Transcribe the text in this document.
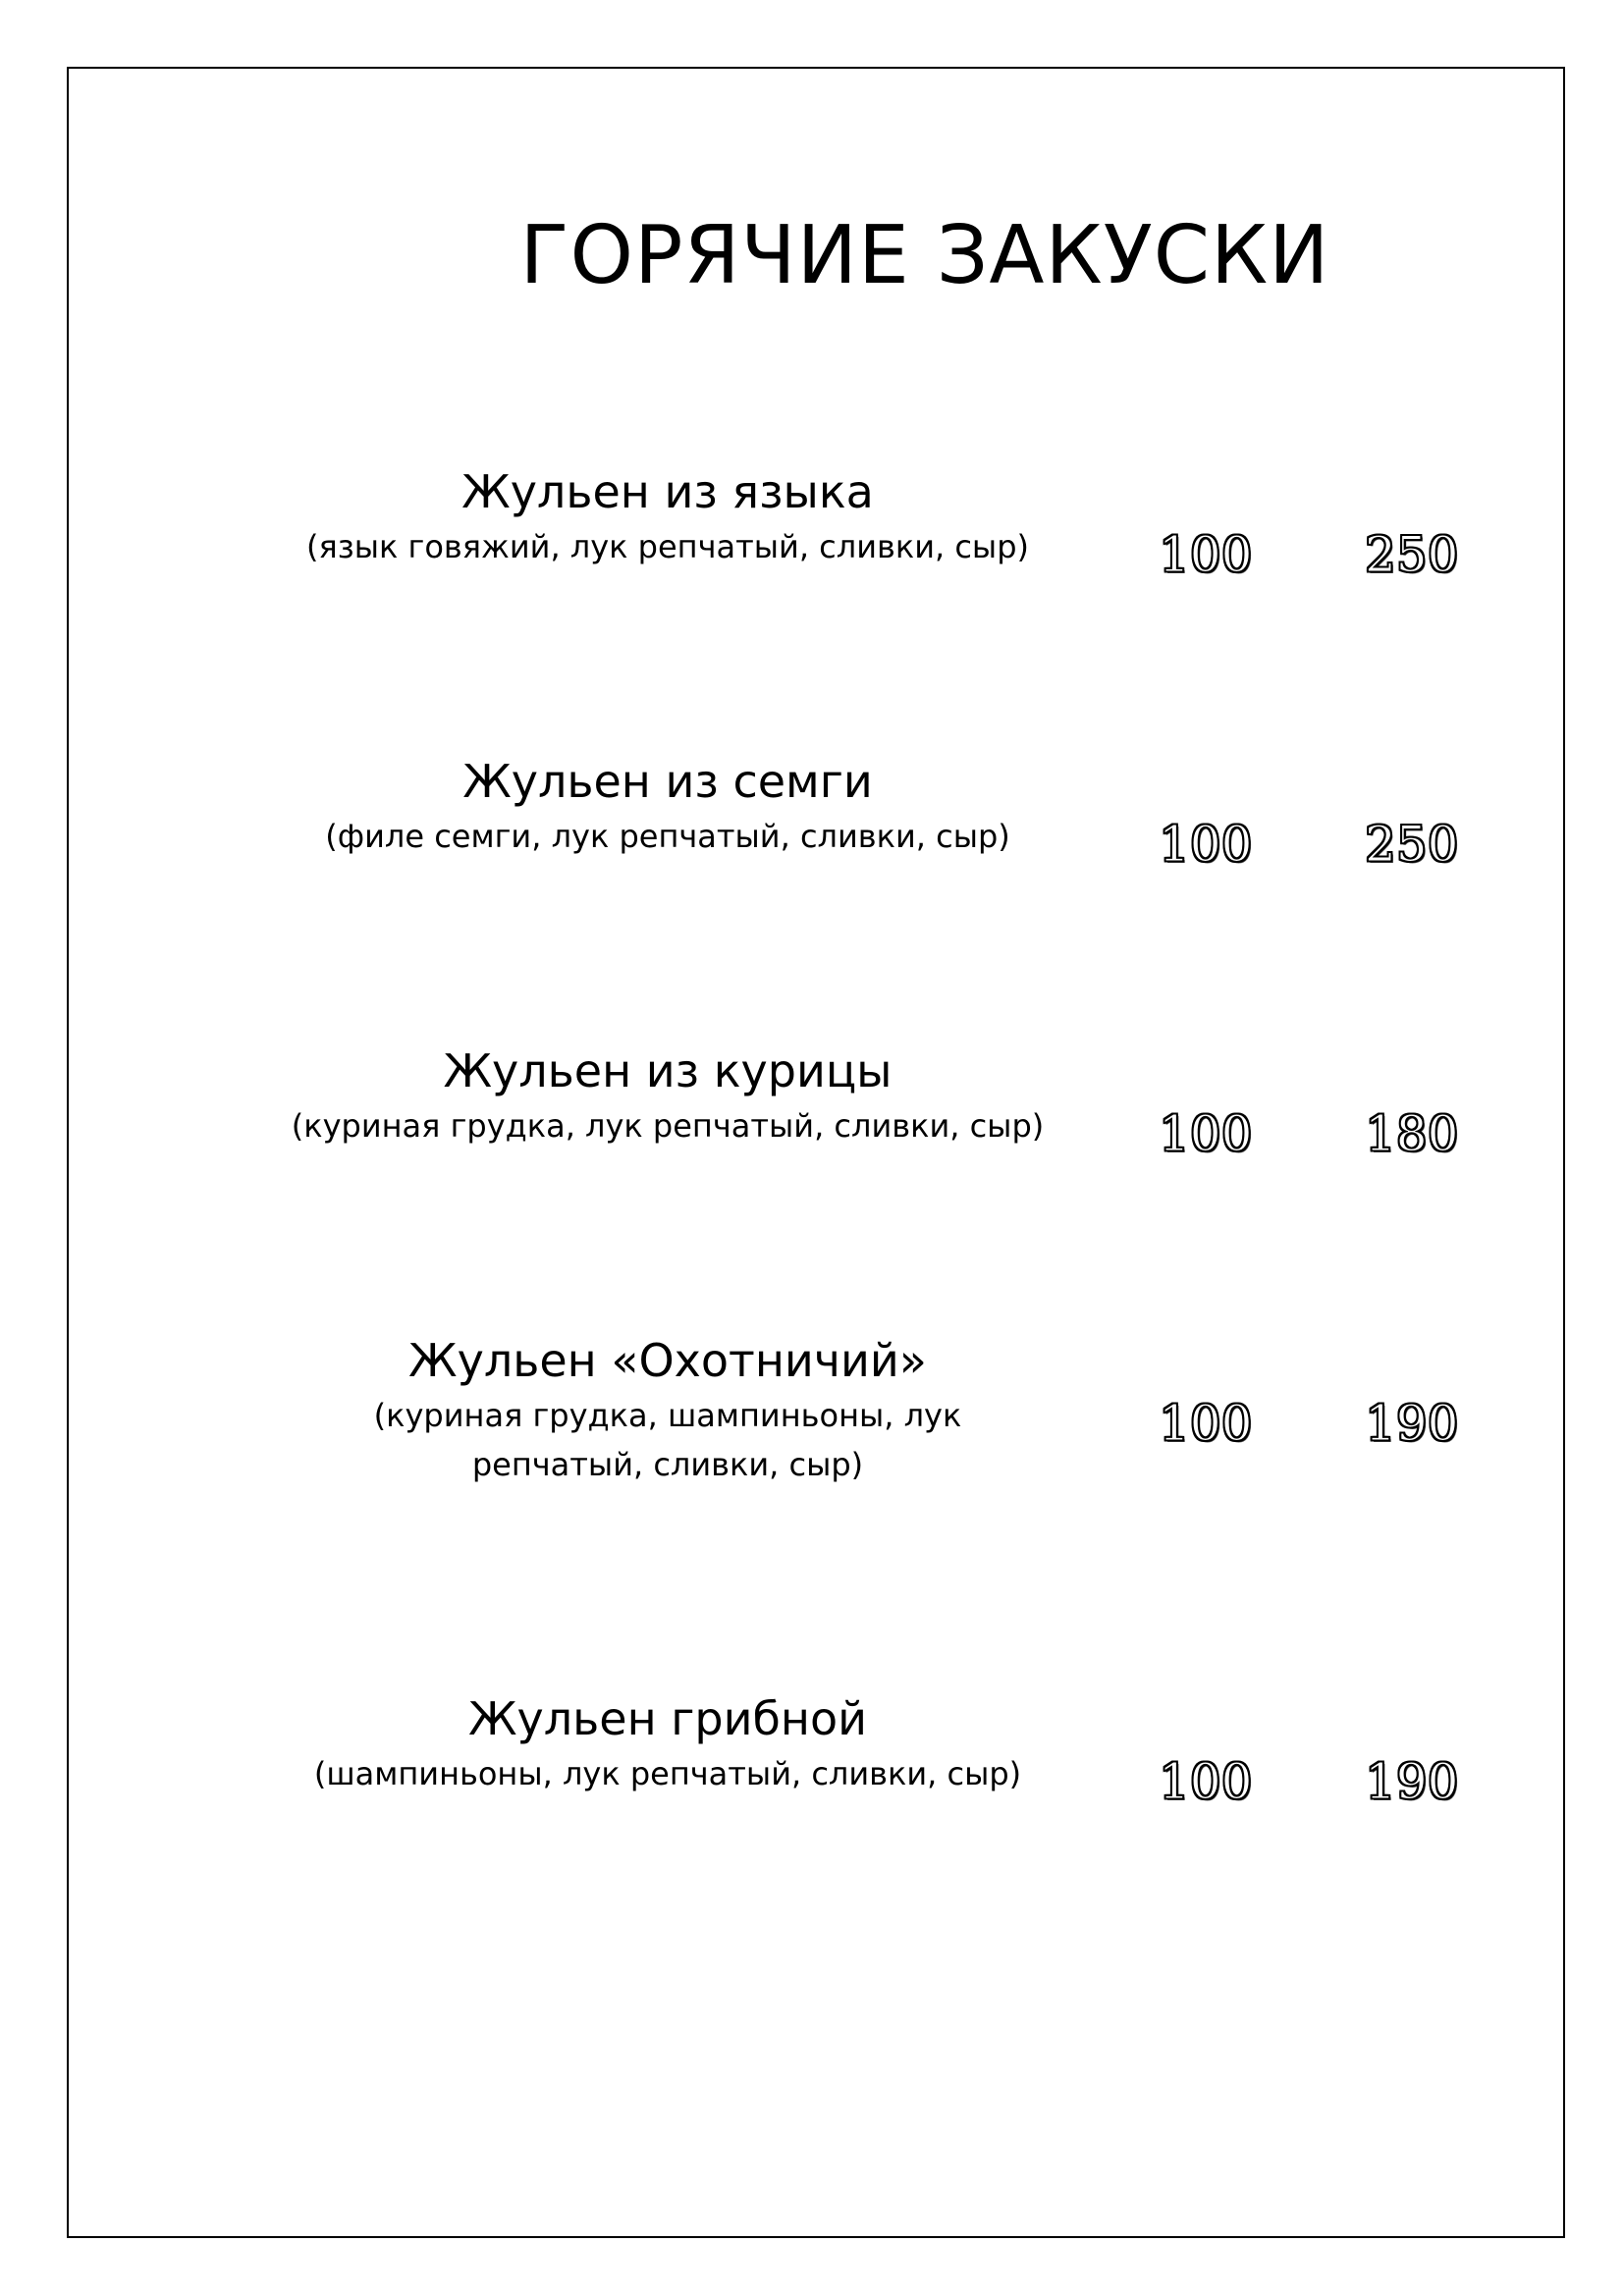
ГОРЯЧИЕ ЗАКУСКИ
Жульен из языка
(язык говяжий, лук репчатый, сливки, сыр)	100 250
Жульен из семги
(филе семги, лук репчатый, сливки, сыр)	100 250
Жульен из курицы
(куриная грудка, лук репчатый, сливки, сыр)	100 180
Жульен «Охотничий»
(куриная грудка, шампиньоны, лук репчатый, сливки, сыр)
100 190
Жульен грибной
(шампиньоны, лук репчатый, сливки, сыр)	100 190
